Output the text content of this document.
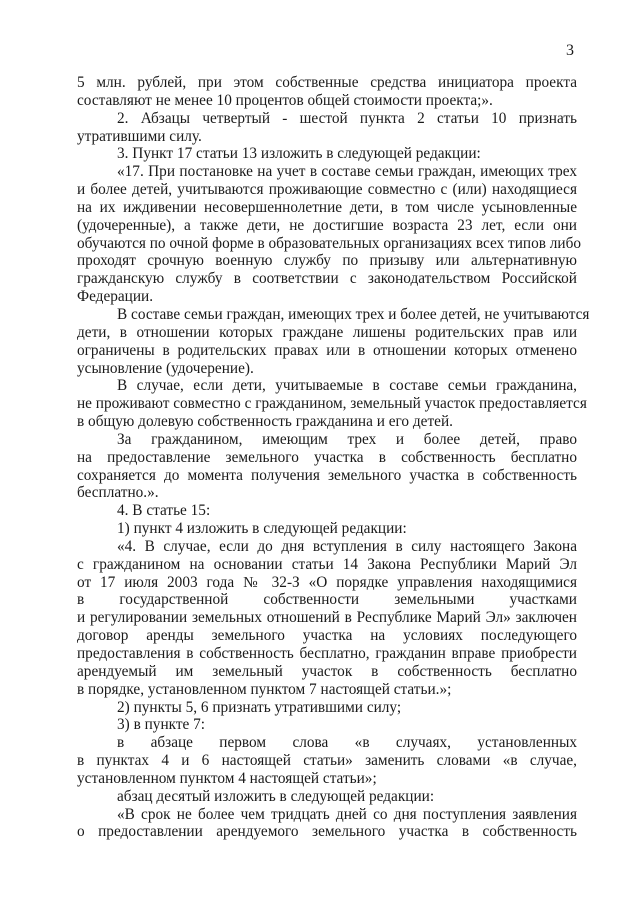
3
5 млн. рублей, при этом собственные средства инициатора проекта
составляют не менее 10 процентов общей стоимости проекта;».
2. Абзацы четвертый - шестой пункта 2 статьи 10 признать
утратившими силу.
3. Пункт 17 статьи 13 изложить в следующей редакции:
«17. При постановке на учет в составе семьи граждан, имеющих трех
и более детей, учитываются проживающие совместно с (или) находящиеся
на их иждивении несовершеннолетние дети, в том числе усыновленные
(удочеренные), а также дети, не достигшие возраста 23 лет, если они
обучаются по очной форме в образовательных организациях всех типов либо
проходят срочную военную службу по призыву или альтернативную
гражданскую службу в соответствии с законодательством Российской
Федерации.
В составе семьи граждан, имеющих трех и более детей, не учитываются
дети, в отношении которых граждане лишены родительских прав или
ограничены в родительских правах или в отношении которых отменено
усыновление (удочерение).
В случае, если дети, учитываемые в составе семьи гражданина,
не проживают совместно с гражданином, земельный участок предоставляется
в общую долевую собственность гражданина и его детей.
За гражданином, имеющим трех и более детей, право
на предоставление земельного участка в собственность бесплатно
сохраняется до момента получения земельного участка в собственность
бесплатно.».
4. В статье 15:
1) пункт 4 изложить в следующей редакции:
«4. В случае, если до дня вступления в силу настоящего Закона
с гражданином на основании статьи 14 Закона Республики Марий Эл
от 17 июля 2003 года № 32-З «О порядке управления находящимися
в государственной собственности земельными участками
и регулировании земельных отношений в Республике Марий Эл» заключен
договор аренды земельного участка на условиях последующего
предоставления в собственность бесплатно, гражданин вправе приобрести
арендуемый им земельный участок в собственность бесплатно
в порядке, установленном пунктом 7 настоящей статьи.»;
2) пункты 5, 6 признать утратившими силу;
3) в пункте 7:
в абзаце первом слова «в случаях, установленных
в пунктах 4 и 6 настоящей статьи» заменить словами «в случае,
установленном пунктом 4 настоящей статьи»;
абзац десятый изложить в следующей редакции:
«В срок не более чем тридцать дней со дня поступления заявления
о предоставлении арендуемого земельного участка в собственность
